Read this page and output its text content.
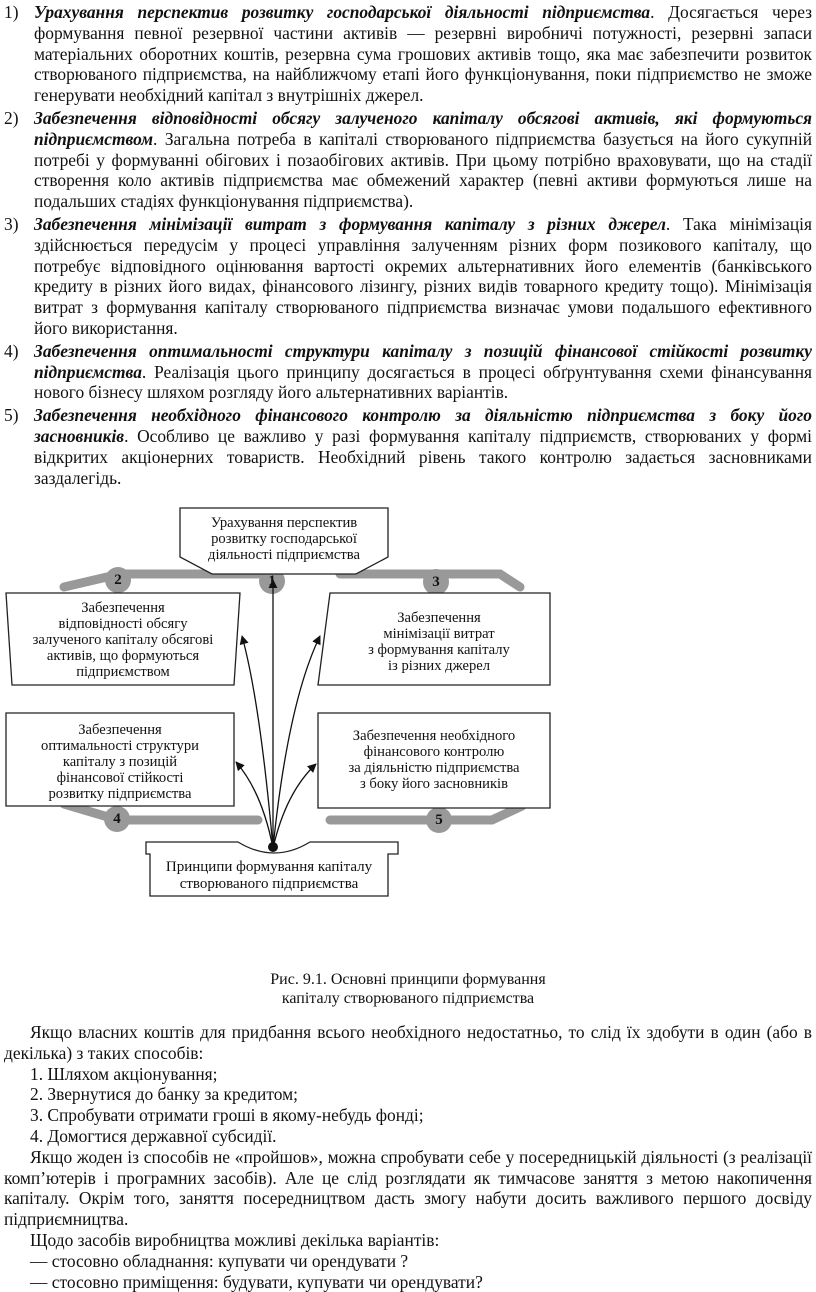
1) Урахування перспектив розвитку господарської діяльності підприємства. Досягається через формування певної резервної частини активів — резервні виробничі потужності, резервні запаси матеріальних оборотних коштів, резервна сума грошових активів тощо, яка має забезпечити розвиток створюваного підприємства, на найближчому етапі його функціонування, поки підприємство не зможе генерувати необхідний капітал з внутрішніх джерел.

2) Забезпечення відповідності обсягу залученого капіталу обсягові активів, які формуються підприємством. Загальна потреба в капіталі створюваного підприємства базується на його сукупній потребі у формуванні обігових і позаобігових активів. При цьому потрібно враховувати, що на стадії створення коло активів підприємства має обмежений характер (певні активи формуються лише на подальших стадіях функціонування підприємства).

3) Забезпечення мінімізації витрат з формування капіталу з різних джерел. Така мінімізація здійснюється передусім у процесі управління залученням різних форм позикового капіталу, що потребує відповідного оцінювання вартості окремих альтернативних його елементів (банківського кредиту в різних його видах, фінансового лізингу, різних видів товарного кредиту тощо). Мінімізація витрат з формування капіталу створюваного підприємства визначає умови подальшого ефективного його використання.

4) Забезпечення оптимальності структури капіталу з позицій фінансової стійкості розвитку підприємства. Реалізація цього принципу досягається в процесі обґрунтування схеми фінансування нового бізнесу шляхом розгляду його альтернативних варіантів.

5) Забезпечення необхідного фінансового контролю за діяльністю підприємства з боку його засновників. Особливо це важливо у разі формування капіталу підприємств, створюваних у формі відкритих акціонерних товариств. Необхідний рівень такого контролю задається засновниками заздалегідь.

1
2	3
4	5
Урахування перспектив
розвитку господарської
діяльності підприємства
Забезпечення
відповідності обсягу
залученого капіталу обсягові
активів, що формуються
підприємством
Забезпечення
мінімізації витрат
з формування капіталу
із різних джерел
Забезпечення
оптимальності структури
капіталу з позицій
фінансової стійкості
розвитку підприємства
Забезпечення необхідного
фінансового контролю
за діяльністю підприємства
з боку його засновників
Принципи формування капіталу
створюваного підприємства
Рис. 9.1. Основні принципи формування
капіталу створюваного підприємства

Якщо власних коштів для придбання всього необхідного недостатньо, то слід їх здобути в один (або в декілька) з таких способів:

1. Шляхом акціонування;

2. Звернутися до банку за кредитом;

3. Спробувати отримати гроші в якому-небудь фонді;

4. Домогтися державної субсидії.

Якщо жоден із способів не «пройшов», можна спробувати себе у посередницькій діяльності (з реалізації комп’ютерів і програмних засобів). Але це слід розглядати як тимчасове заняття з метою накопичення капіталу. Окрім того, заняття посередництвом дасть змогу набути досить важливого першого досвіду підприємництва.

Щодо засобів виробництва можливі декілька варіантів:

— стосовно обладнання: купувати чи орендувати ?

— стосовно приміщення: будувати, купувати чи орендувати?
